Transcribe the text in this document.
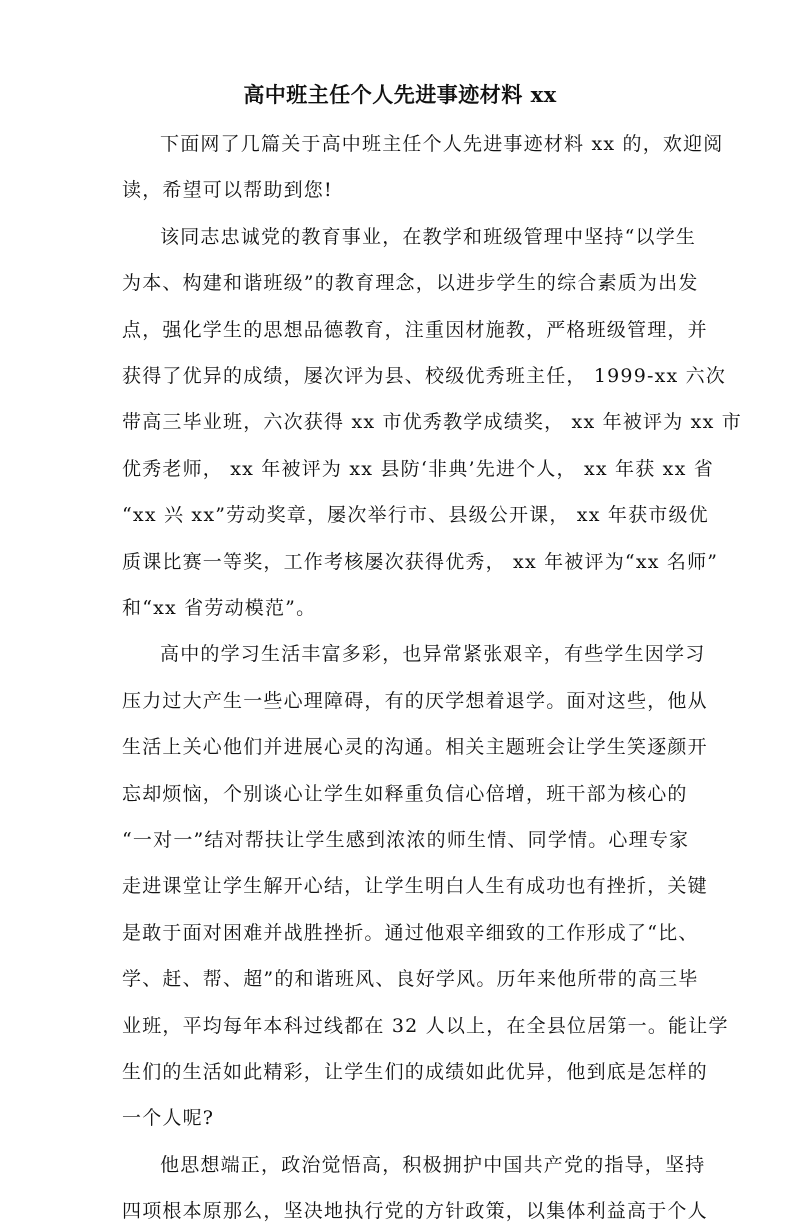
高中班主任个人先进事迹材料 xx
下面网了几篇关于高中班主任个人先进事迹材料 xx 的，欢迎阅
读，希望可以帮助到您!
该同志忠诚党的教育事业，在教学和班级管理中坚持“以学生
为本、构建和谐班级”的教育理念，以进步学生的综合素质为出发
点，强化学生的思想品德教育，注重因材施教，严格班级管理，并
获得了优异的成绩，屡次评为县、校级优秀班主任， 1999-xx 六次
带高三毕业班，六次获得 xx 市优秀教学成绩奖， xx 年被评为 xx 市
优秀老师， xx 年被评为 xx 县防‘非典’先进个人， xx 年获 xx 省
“xx 兴 xx”劳动奖章，屡次举行市、县级公开课， xx 年获市级优
质课比赛一等奖，工作考核屡次获得优秀， xx 年被评为“xx 名师”
和“xx 省劳动模范”。
高中的学习生活丰富多彩，也异常紧张艰辛，有些学生因学习
压力过大产生一些心理障碍，有的厌学想着退学。面对这些，他从
生活上关心他们并进展心灵的沟通。相关主题班会让学生笑逐颜开
忘却烦恼，个别谈心让学生如释重负信心倍增，班干部为核心的
“一对一”结对帮扶让学生感到浓浓的师生情、同学情。心理专家
走进课堂让学生解开心结，让学生明白人生有成功也有挫折，关键
是敢于面对困难并战胜挫折。通过他艰辛细致的工作形成了“比、
学、赶、帮、超”的和谐班风、良好学风。历年来他所带的高三毕
业班，平均每年本科过线都在 32 人以上，在全县位居第一。能让学
生们的生活如此精彩，让学生们的成绩如此优异，他到底是怎样的
一个人呢?
他思想端正，政治觉悟高，积极拥护中国共产党的指导，坚持
四项根本原那么，坚决地执行党的方针政策，以集体利益高于个人
